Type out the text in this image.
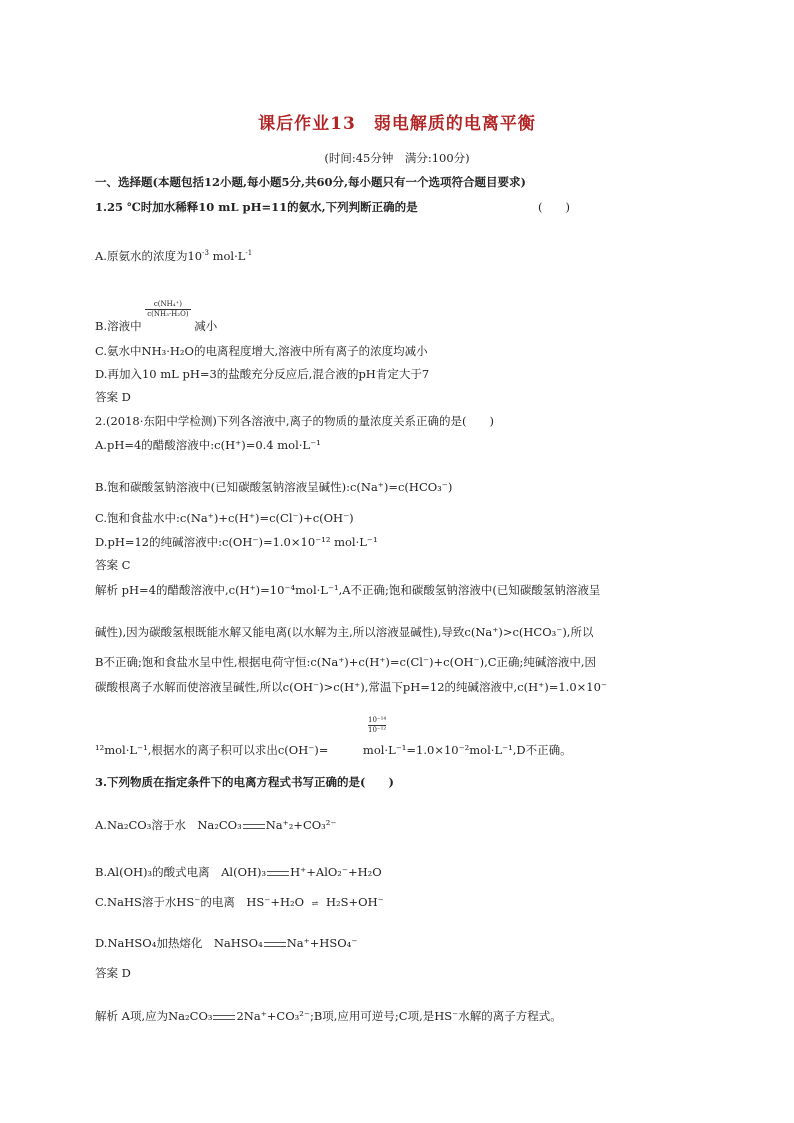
课后作业13　弱电解质的电离平衡
(时间:45分钟　满分:100分)
一、选择题(本题包括12小题,每小题5分,共60分,每小题只有一个选项符合题目要求)
1.25 ℃时加水稀释10 mL pH=11的氨水,下列判断正确的是	(　　)
A.原氨水的浓度为$10^{-3}$ $mol\cdot L^{-1}$
B.溶液中
$\frac{\text{c(NH₄⁺)}}{\text{c(NH₃·H₂O)}}$
减小
C.氨水中NH₃·H₂O的电离程度增大,溶液中所有离子的浓度均减小
D.再加入10 mL pH=3的盐酸充分反应后,混合液的pH肯定大于7
答案 D
2.(2018·东阳中学检测)下列各溶液中,离子的物质的量浓度关系正确的是(　　)
A.pH=4的醋酸溶液中:c(H⁺)=0.4 mol·L⁻¹
B.饱和碳酸氢钠溶液中(已知碳酸氢钠溶液呈碱性):c(Na⁺)=c(HCO₃⁻)
C.饱和食盐水中:c(Na⁺)+c(H⁺)=c(Cl⁻)+c(OH⁻)
D.pH=12的纯碱溶液中:c(OH⁻)=1.0×10⁻¹² mol·L⁻¹
答案 C
解析 pH=4的醋酸溶液中,c(H⁺)=10⁻⁴mol·L⁻¹,A不正确;饱和碳酸氢钠溶液中(已知碳酸氢钠溶液呈
碱性),因为碳酸氢根既能水解又能电离(以水解为主,所以溶液显碱性),导致c(Na⁺)>c(HCO₃⁻),所以
B不正确;饱和食盐水呈中性,根据电荷守恒:c(Na⁺)+c(H⁺)=c(Cl⁻)+c(OH⁻),C正确;纯碱溶液中,因
碳酸根离子水解而使溶液呈碱性,所以c(OH⁻)>c(H⁺),常温下pH=12的纯碱溶液中,c(H⁺)=1.0×10⁻
10⁻¹⁴
10⁻¹²
¹²mol·L⁻¹,根据水的离子积可以求出c(OH⁻)=　　　mol·L⁻¹=1.0×10⁻²mol·L⁻¹,D不正确。
3.下列物质在指定条件下的电离方程式书写正确的是(　　)
A.Na₂CO₃溶于水　Na₂CO₃ Na⁺₂+CO₃²⁻
B.Al(OH)₃的酸式电离　Al(OH)₃ H⁺+AlO₂⁻+H₂O
C.NaHS溶于水HS⁻的电离　HS⁻+H₂O ⇌ H₂S+OH⁻
D.NaHSO₄加热熔化　NaHSO₄ Na⁺+HSO₄⁻
答案 D
解析 A项,应为Na₂CO₃ 2Na⁺+CO₃²⁻;B项,应用可逆号;C项,是HS⁻水解的离子方程式。
